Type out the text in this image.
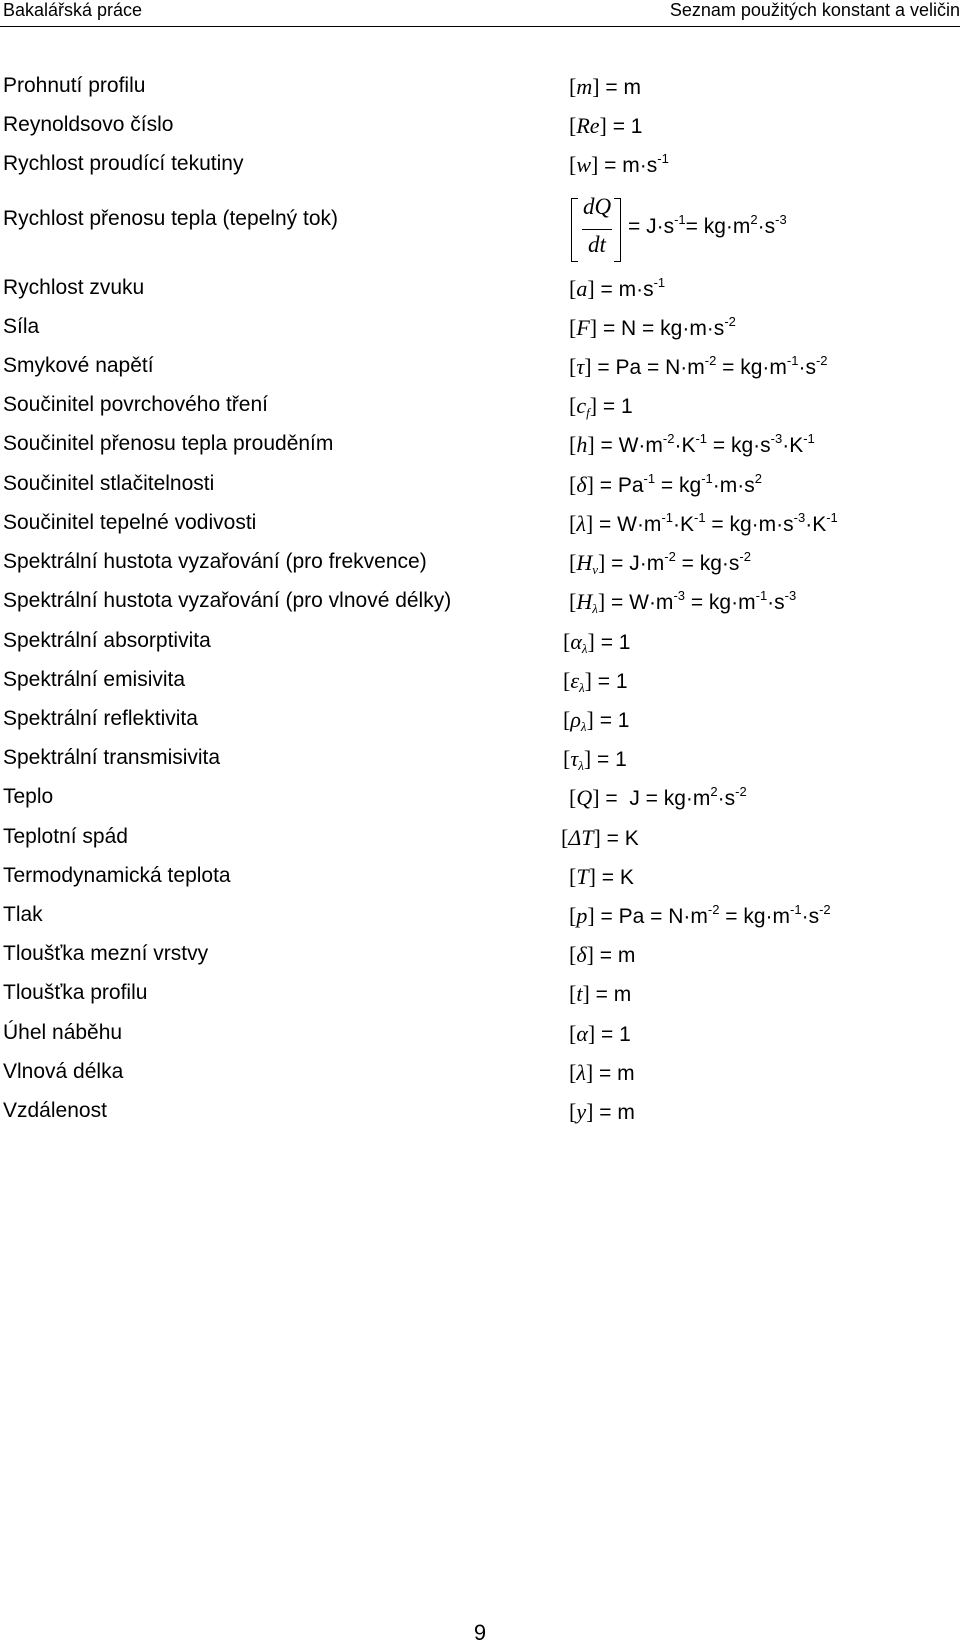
Bakalářská práce	Seznam použitých konstant a veličin
Prohnutí profilu	[m] = m
Reynoldsovo číslo	[Re] = 1
Rychlost proudící tekutiny	$[w] = m\cdot s^{-1}$
Rychlost přenosu tepla (tepelný tok)	= $J\cdot s^{-1}= kg\cdot m^2\cdot s^{-3}$
Rychlost zvuku	$[a] = m\cdot s^{-1}$
Síla	$[F] = N = kg\cdot m\cdot s^{-2}$
Smykové napětí	$[\tau] = Pa = N\cdot m^{-2} = kg\cdot m^{-1}\cdot s^{-2}$
Součinitel povrchového tření	$[c_f] = 1$
Součinitel přenosu tepla prouděním	$[h] = W\cdot m^{-2}\cdot K^{-1} = kg\cdot s^{-3}\cdot K^{-1}$
Součinitel stlačitelnosti	$[\delta] = Pa^{-1} = kg^{-1}\cdot m\cdot s^2$
Součinitel tepelné vodivosti	$[\lambda] = W\cdot m^{-1}\cdot K^{-1} = kg\cdot m\cdot s^{-3}\cdot K^{-1}$
Spektrální hustota vyzařování (pro frekvence)	$[H_\nu] = J\cdot m^{-2} = kg\cdot s^{-2}$
Spektrální hustota vyzařování (pro vlnové délky)	$[H_\lambda] = W\cdot m^{-3} = kg\cdot m^{-1}\cdot s^{-3}$
Spektrální absorptivita	$[\alpha_\lambda] = 1$
Spektrální emisivita	$[\varepsilon_\lambda] = 1$
Spektrální reflektivita	$[\rho_\lambda] = 1$
Spektrální transmisivita	$[\tau_\lambda] = 1$
Teplo	$[Q] = J = kg\cdot m^2\cdot s^{-2}$
Teplotní spád	[ΔT] = K
Termodynamická teplota	[T] = K
Tlak	$[p] = Pa = N\cdot m^{-2} = kg\cdot m^{-1}\cdot s^{-2}$
Tloušťka mezní vrstvy	[δ] = m
Tloušťka profilu	[t] = m
Úhel náběhu	[α] = 1
Vlnová délka	[λ] = m
Vzdálenost	[y] = m
9
dQ
dt
